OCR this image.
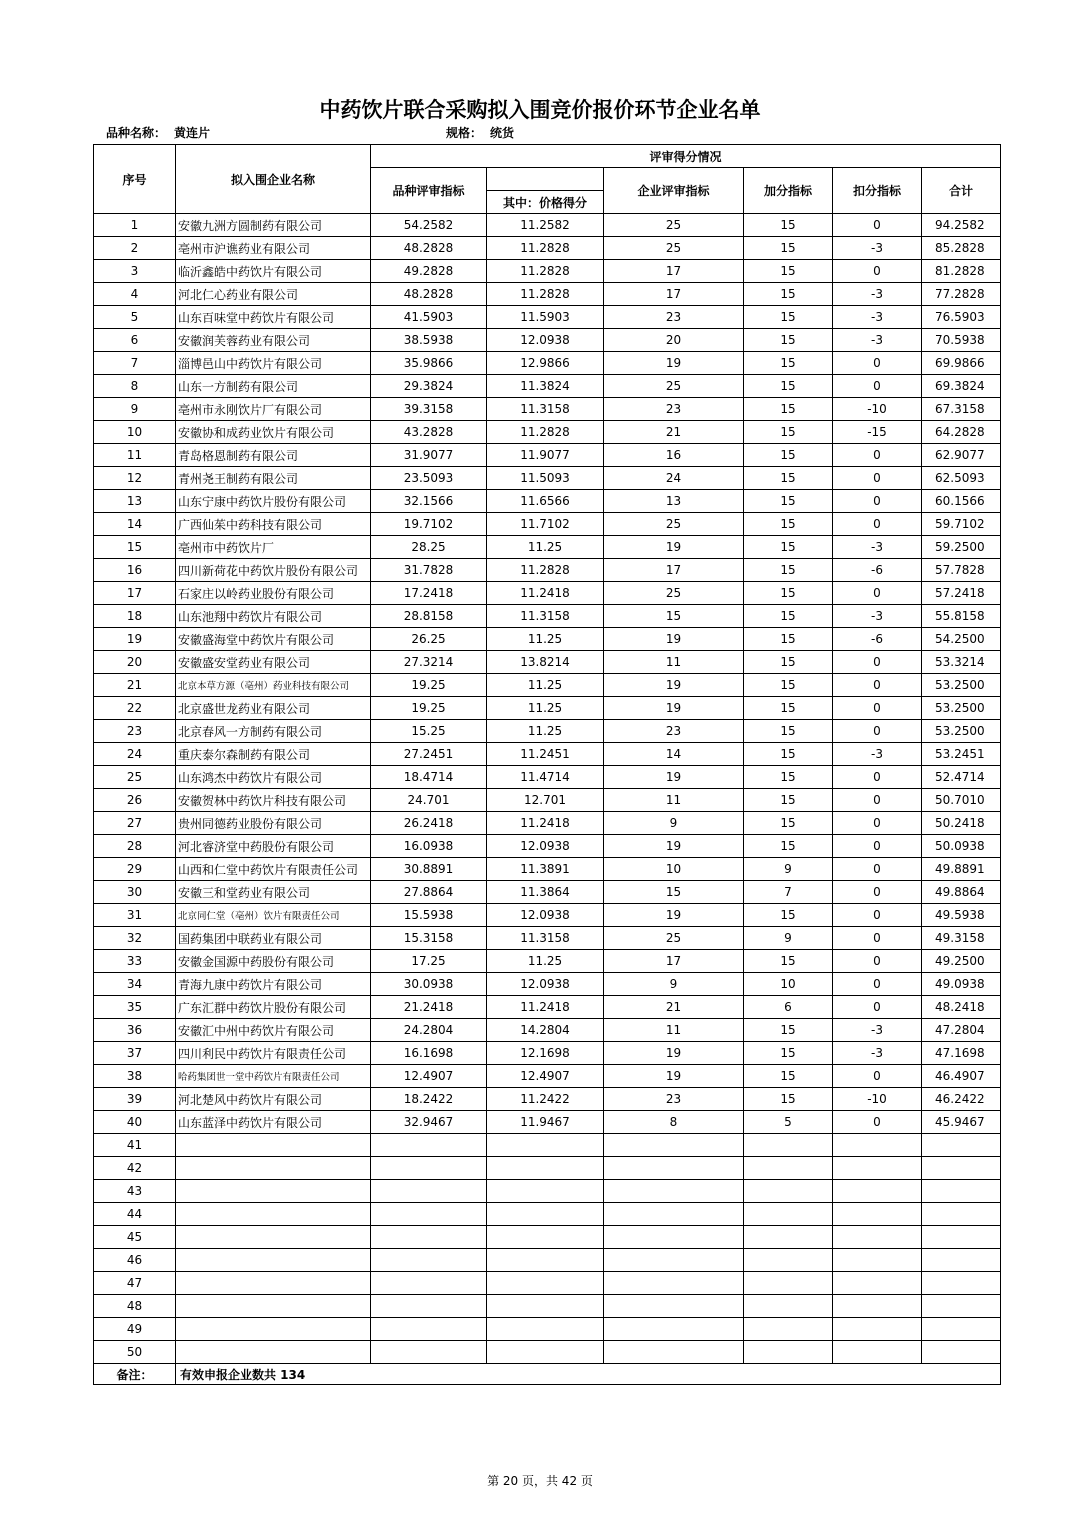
中药饮片联合采购拟入围竞价报价环节企业名单
品种名称： 黄连片	规格： 统货
序号	拟入围企业名称	评审得分情况					
		品种评审指标		企业评审指标	加分指标	扣分指标	合计
			其中：价格得分				
1	安徽九洲方圆制药有限公司	54.2582	11.2582	25	15	0	94.2582
2	亳州市沪谯药业有限公司	48.2828	11.2828	25	15	-3	85.2828
3	临沂鑫皓中药饮片有限公司	49.2828	11.2828	17	15	0	81.2828
4	河北仁心药业有限公司	48.2828	11.2828	17	15	-3	77.2828
5	山东百味堂中药饮片有限公司	41.5903	11.5903	23	15	-3	76.5903
6	安徽润芙蓉药业有限公司	38.5938	12.0938	20	15	-3	70.5938
7	淄博邑山中药饮片有限公司	35.9866	12.9866	19	15	0	69.9866
8	山东一方制药有限公司	29.3824	11.3824	25	15	0	69.3824
9	亳州市永刚饮片厂有限公司	39.3158	11.3158	23	15	-10	67.3158
10	安徽协和成药业饮片有限公司	43.2828	11.2828	21	15	-15	64.2828
11	青岛格恩制药有限公司	31.9077	11.9077	16	15	0	62.9077
12	青州尧王制药有限公司	23.5093	11.5093	24	15	0	62.5093
13	山东宁康中药饮片股份有限公司	32.1566	11.6566	13	15	0	60.1566
14	广西仙茱中药科技有限公司	19.7102	11.7102	25	15	0	59.7102
15	亳州市中药饮片厂	28.25	11.25	19	15	-3	59.2500
16	四川新荷花中药饮片股份有限公司	31.7828	11.2828	17	15	-6	57.7828
17	石家庄以岭药业股份有限公司	17.2418	11.2418	25	15	0	57.2418
18	山东池翔中药饮片有限公司	28.8158	11.3158	15	15	-3	55.8158
19	安徽盛海堂中药饮片有限公司	26.25	11.25	19	15	-6	54.2500
20	安徽盛安堂药业有限公司	27.3214	13.8214	11	15	0	53.3214
21	北京本草方源（亳州）药业科技有限公司	19.25	11.25	19	15	0	53.2500
22	北京盛世龙药业有限公司	19.25	11.25	19	15	0	53.2500
23	北京春风一方制药有限公司	15.25	11.25	23	15	0	53.2500
24	重庆泰尔森制药有限公司	27.2451	11.2451	14	15	-3	53.2451
25	山东鸿杰中药饮片有限公司	18.4714	11.4714	19	15	0	52.4714
26	安徽贺林中药饮片科技有限公司	24.701	12.701	11	15	0	50.7010
27	贵州同德药业股份有限公司	26.2418	11.2418	9	15	0	50.2418
28	河北睿济堂中药股份有限公司	16.0938	12.0938	19	15	0	50.0938
29	山西和仁堂中药饮片有限责任公司	30.8891	11.3891	10	9	0	49.8891
30	安徽三和堂药业有限公司	27.8864	11.3864	15	7	0	49.8864
31	北京同仁堂（亳州）饮片有限责任公司	15.5938	12.0938	19	15	0	49.5938
32	国药集团中联药业有限公司	15.3158	11.3158	25	9	0	49.3158
33	安徽金国源中药股份有限公司	17.25	11.25	17	15	0	49.2500
34	青海九康中药饮片有限公司	30.0938	12.0938	9	10	0	49.0938
35	广东汇群中药饮片股份有限公司	21.2418	11.2418	21	6	0	48.2418
36	安徽汇中州中药饮片有限公司	24.2804	14.2804	11	15	-3	47.2804
37	四川利民中药饮片有限责任公司	16.1698	12.1698	19	15	-3	47.1698
38	哈药集团世一堂中药饮片有限责任公司	12.4907	12.4907	19	15	0	46.4907
39	河北楚风中药饮片有限公司	18.2422	11.2422	23	15	-10	46.2422
40	山东蓝泽中药饮片有限公司	32.9467	11.9467	8	5	0	45.9467
41							
42							
43							
44							
45							
46							
47							
48							
49							
50							
备注：	有效申报企业数共 134						
第 20 页，共 42 页
